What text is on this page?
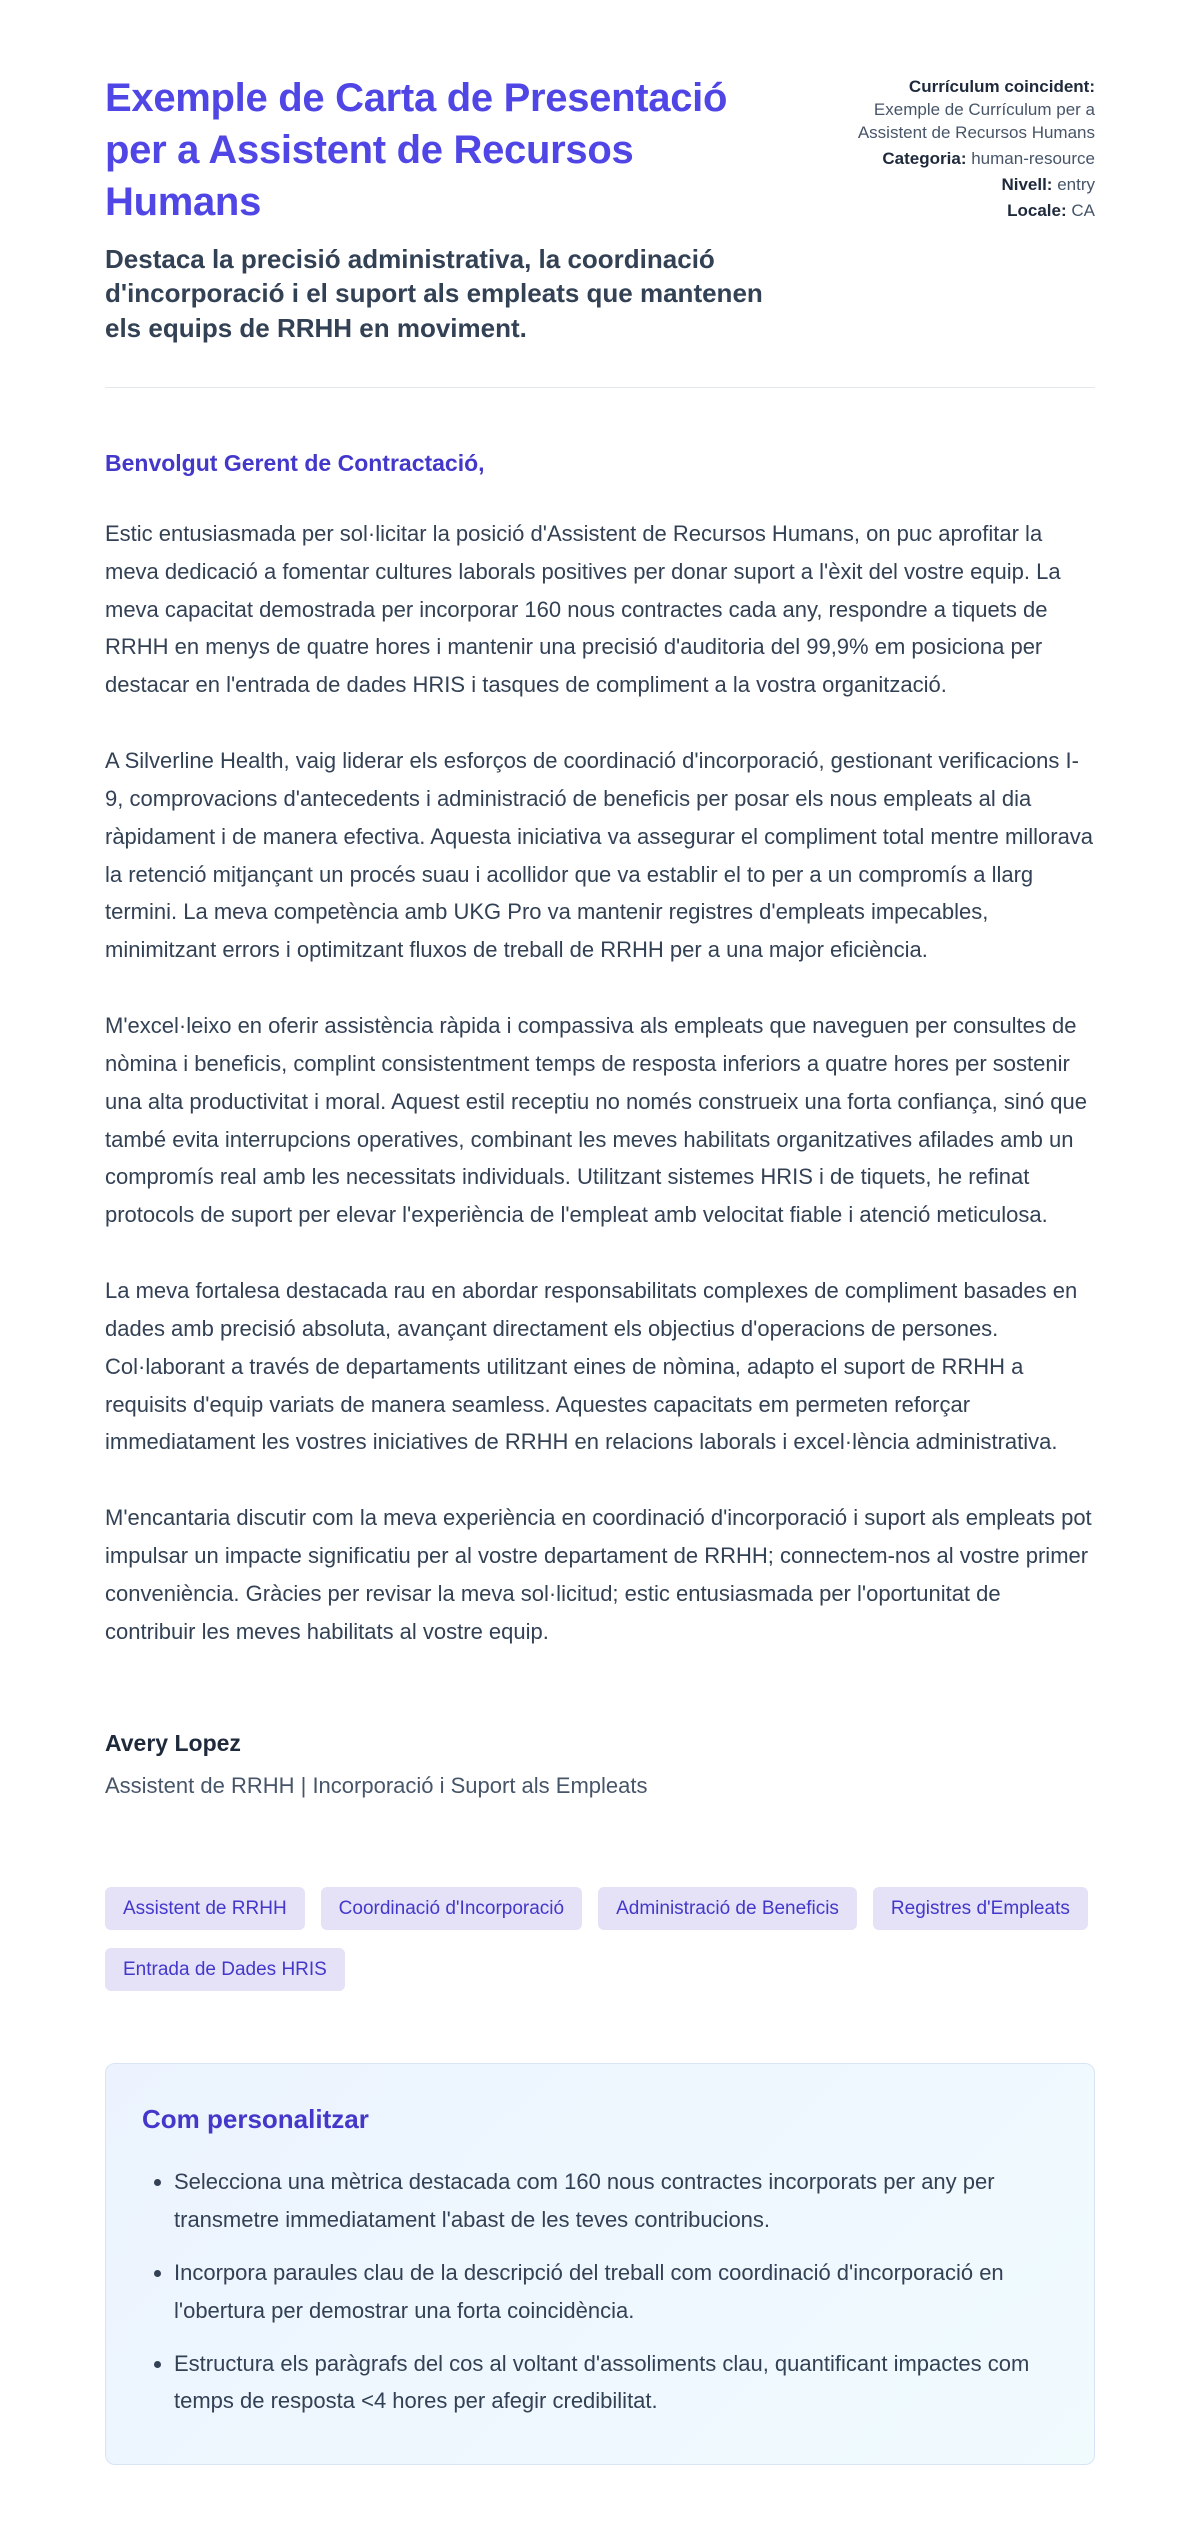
Exemple de Carta de Presentació per a Assistent de Recursos Humans

Destaca la precisió administrativa, la coordinació d'incorporació i el suport als empleats que mantenen els equips de RRHH en moviment.

Currículum coincident:
Exemple de Currículum per a Assistent de Recursos Humans
Categoria: human-resource
Nivell: entry
Locale: CA

Benvolgut Gerent de Contractació,

Estic entusiasmada per sol·licitar la posició d'Assistent de Recursos Humans, on puc aprofitar la meva dedicació a fomentar cultures laborals positives per donar suport a l'èxit del vostre equip. La meva capacitat demostrada per incorporar 160 nous contractes cada any, respondre a tiquets de RRHH en menys de quatre hores i mantenir una precisió d'auditoria del 99,9% em posiciona per destacar en l'entrada de dades HRIS i tasques de compliment a la vostra organització.

A Silverline Health, vaig liderar els esforços de coordinació d'incorporació, gestionant verificacions I-9, comprovacions d'antecedents i administració de beneficis per posar els nous empleats al dia ràpidament i de manera efectiva. Aquesta iniciativa va assegurar el compliment total mentre millorava la retenció mitjançant un procés suau i acollidor que va establir el to per a un compromís a llarg termini. La meva competència amb UKG Pro va mantenir registres d'empleats impecables, minimitzant errors i optimitzant fluxos de treball de RRHH per a una major eficiència.

M'excel·leixo en oferir assistència ràpida i compassiva als empleats que naveguen per consultes de nòmina i beneficis, complint consistentment temps de resposta inferiors a quatre hores per sostenir una alta productivitat i moral. Aquest estil receptiu no només construeix una forta confiança, sinó que també evita interrupcions operatives, combinant les meves habilitats organitzatives afilades amb un compromís real amb les necessitats individuals. Utilitzant sistemes HRIS i de tiquets, he refinat protocols de suport per elevar l'experiència de l'empleat amb velocitat fiable i atenció meticulosa.

La meva fortalesa destacada rau en abordar responsabilitats complexes de compliment basades en dades amb precisió absoluta, avançant directament els objectius d'operacions de persones. Col·laborant a través de departaments utilitzant eines de nòmina, adapto el suport de RRHH a requisits d'equip variats de manera seamless. Aquestes capacitats em permeten reforçar immediatament les vostres iniciatives de RRHH en relacions laborals i excel·lència administrativa.

M'encantaria discutir com la meva experiència en coordinació d'incorporació i suport als empleats pot impulsar un impacte significatiu per al vostre departament de RRHH; connectem-nos al vostre primer conveniència. Gràcies per revisar la meva sol·licitud; estic entusiasmada per l'oportunitat de contribuir les meves habilitats al vostre equip.

Avery Lopez

Assistent de RRHH | Incorporació i Suport als Empleats

Assistent de RRHH	Coordinació d'Incorporació	Administració de Beneficis	Registres d'Empleats
Entrada de Dades HRIS
Com personalitzar
• Selecciona una mètrica destacada com 160 nous contractes incorporats per any per transmetre immediatament l'abast de les teves contribucions.
• Incorpora paraules clau de la descripció del treball com coordinació d'incorporació en l'obertura per demostrar una forta coincidència.
• Estructura els paràgrafs del cos al voltant d'assoliments clau, quantificant impactes com temps de resposta <4 hores per afegir credibilitat.
